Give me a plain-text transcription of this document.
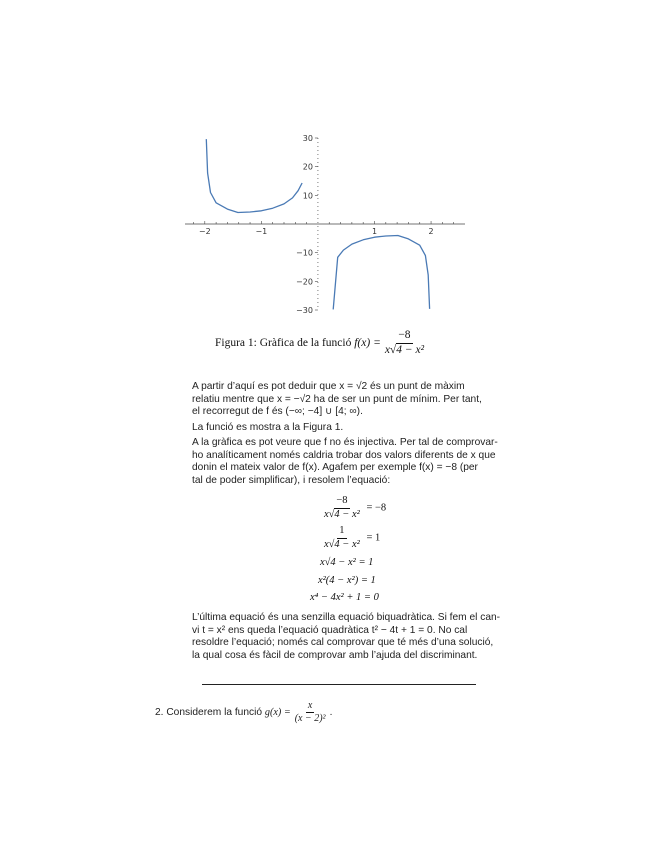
−2	−1	1	2
30
20
10
−10
−20
−30
Figura 1: Gràfica de la funció
$f(x) = \frac{-8}{\text{x√4 − x²}}$
A partir d’aquí es pot deduir que x = √2 és un punt de màxim
relatiu mentre que x = −√2 ha de ser un punt de mínim. Per tant,
el recorregut de f és (−∞; −4] ∪ [4; ∞).
La funció es mostra a la Figura 1.
A la gràfica es pot veure que f no és injectiva. Per tal de comprovar-
ho analíticament només caldria trobar dos valors diferents de x que
donin el mateix valor de f(x). Agafem per exemple f(x) = −8 (per
tal de poder simplificar), i resolem l’equació:
$\frac{-8}{\text{x√4 − x²}} = -8$
$\frac{1}{\text{x√4 − x²}} = 1$
x√4 − x² = 1
x²(4 − x²) = 1
x⁴ − 4x² + 1 = 0
L’última equació és una senzilla equació biquadràtica. Si fem el can-
vi t = x² ens queda l’equació quadràtica t² − 4t + 1 = 0. No cal
resoldre l’equació; només cal comprovar que té més d’una solució,
la qual cosa és fàcil de comprovar amb l’ajuda del discriminant.
2. Considerem la funció
$g(x) = \frac{x}{\text{(x − 2)²}}$ .
